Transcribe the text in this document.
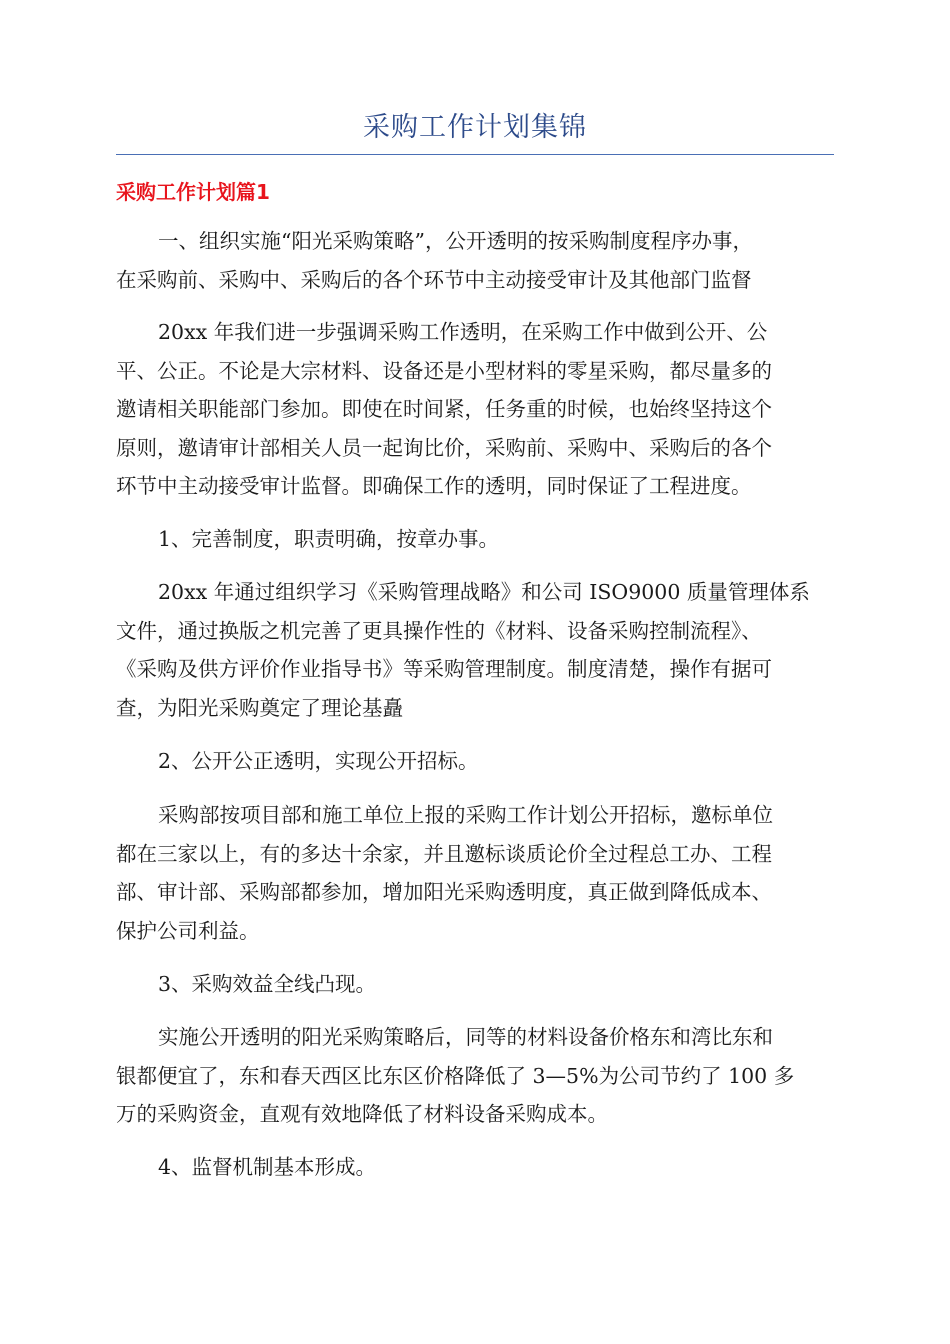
采购工作计划集锦
采购工作计划篇1
一、组织实施“阳光采购策略”，公开透明的按采购制度程序办事，
在采购前、采购中、采购后的各个环节中主动接受审计及其他部门监督
20xx 年我们进一步强调采购工作透明，在采购工作中做到公开、公
平、公正。不论是大宗材料、设备还是小型材料的零星采购，都尽量多的
邀请相关职能部门参加。即使在时间紧，任务重的时候，也始终坚持这个
原则，邀请审计部相关人员一起询比价，采购前、采购中、采购后的各个
环节中主动接受审计监督。即确保工作的透明，同时保证了工程进度。
1、完善制度，职责明确，按章办事。
20xx 年通过组织学习《采购管理战略》和公司 ISO9000 质量管理体系
文件，通过换版之机完善了更具操作性的《材料、设备采购控制流程》、
《采购及供方评价作业指导书》等采购管理制度。制度清楚，操作有据可
查，为阳光采购奠定了理论基矗
2、公开公正透明，实现公开招标。
采购部按项目部和施工单位上报的采购工作计划公开招标，邀标单位
都在三家以上，有的多达十余家，并且邀标谈质论价全过程总工办、工程
部、审计部、采购部都参加，增加阳光采购透明度，真正做到降低成本、
保护公司利益。
3、采购效益全线凸现。
实施公开透明的阳光采购策略后，同等的材料设备价格东和湾比东和
银都便宜了，东和春天西区比东区价格降低了 3—5%为公司节约了 100 多
万的采购资金，直观有效地降低了材料设备采购成本。
4、监督机制基本形成。
